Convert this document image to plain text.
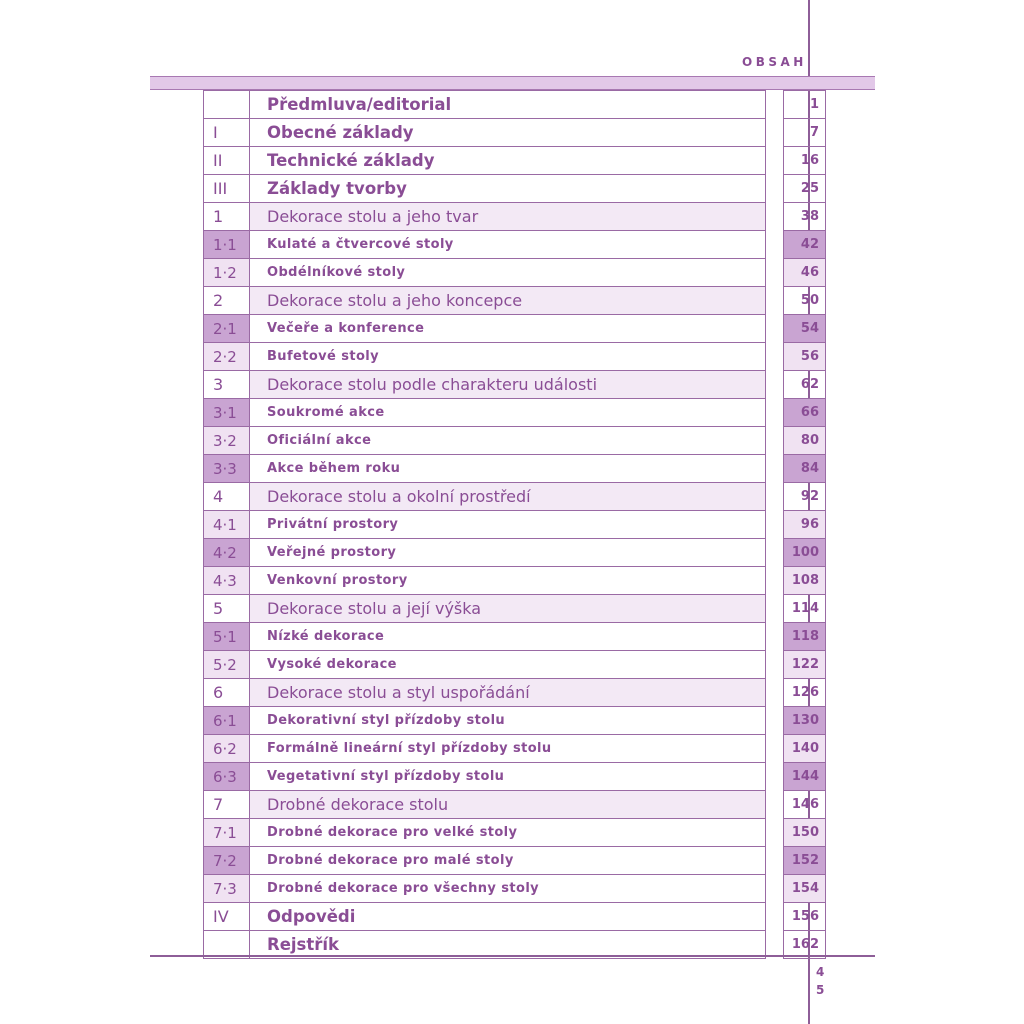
OBSAH
	Předmluva/editorial		1
I	Obecné základy		7
II	Technické základy		16
III	Základy tvorby		25
1	Dekorace stolu a jeho tvar		38
1·1	Kulaté a čtvercové stoly		42
1·2	Obdélníkové stoly		46
2	Dekorace stolu a jeho koncepce		50
2·1	Večeře a konference		54
2·2	Bufetové stoly		56
3	Dekorace stolu podle charakteru události		62
3·1	Soukromé akce		66
3·2	Oficiální akce		80
3·3	Akce během roku		84
4	Dekorace stolu a okolní prostředí		92
4·1	Privátní prostory		96
4·2	Veřejné prostory		100
4·3	Venkovní prostory		108
5	Dekorace stolu a její výška		114
5·1	Nízké dekorace		118
5·2	Vysoké dekorace		122
6	Dekorace stolu a styl uspořádání		126
6·1	Dekorativní styl přízdoby stolu		130
6·2	Formálně lineární styl přízdoby stolu		140
6·3	Vegetativní styl přízdoby stolu		144
7	Drobné dekorace stolu		146
7·1	Drobné dekorace pro velké stoly		150
7·2	Drobné dekorace pro malé stoly		152
7·3	Drobné dekorace pro všechny stoly		154
IV	Odpovědi		156
	Rejstřík		162
4
5
